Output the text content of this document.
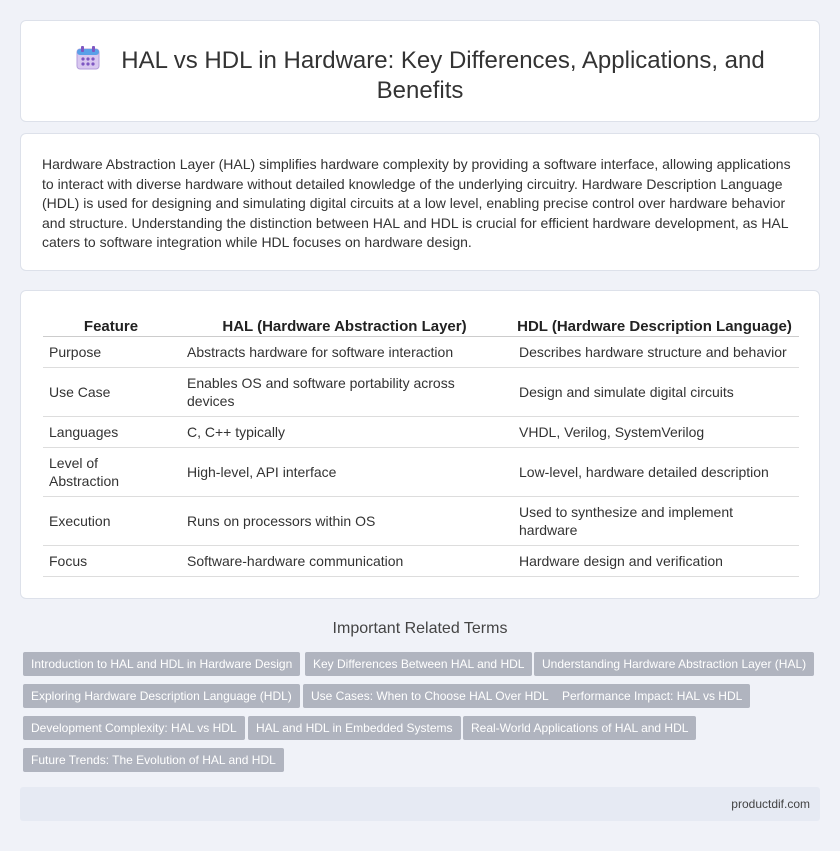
HAL vs HDL in Hardware: Key Differences, Applications, and Benefits

Hardware Abstraction Layer (HAL) simplifies hardware complexity by providing a software interface, allowing applications to interact with diverse hardware without detailed knowledge of the underlying circuitry. Hardware Description Language (HDL) is used for designing and simulating digital circuits at a low level, enabling precise control over hardware behavior and structure. Understanding the distinction between HAL and HDL is crucial for efficient hardware development, as HAL caters to software integration while HDL focuses on hardware design.

Feature	HAL (Hardware Abstraction Layer)	HDL (Hardware Description Language)
Purpose	Abstracts hardware for software interaction	Describes hardware structure and behavior
Use Case	Enables OS and software portability across devices	Design and simulate digital circuits
Languages	C, C++ typically	VHDL, Verilog, SystemVerilog
Level of Abstraction	High-level, API interface	Low-level, hardware detailed description
Execution	Runs on processors within OS	Used to synthesize and implement hardware
Focus	Software-hardware communication	Hardware design and verification
Important Related Terms
Introduction to HAL and HDL in Hardware Design	Key Differences Between HAL and HDL	Understanding Hardware Abstraction Layer (HAL)
Exploring Hardware Description Language (HDL)	Use Cases: When to Choose HAL Over HDL	Performance Impact: HAL vs HDL
Development Complexity: HAL vs HDL	HAL and HDL in Embedded Systems	Real-World Applications of HAL and HDL
Future Trends: The Evolution of HAL and HDL
productdif.com
